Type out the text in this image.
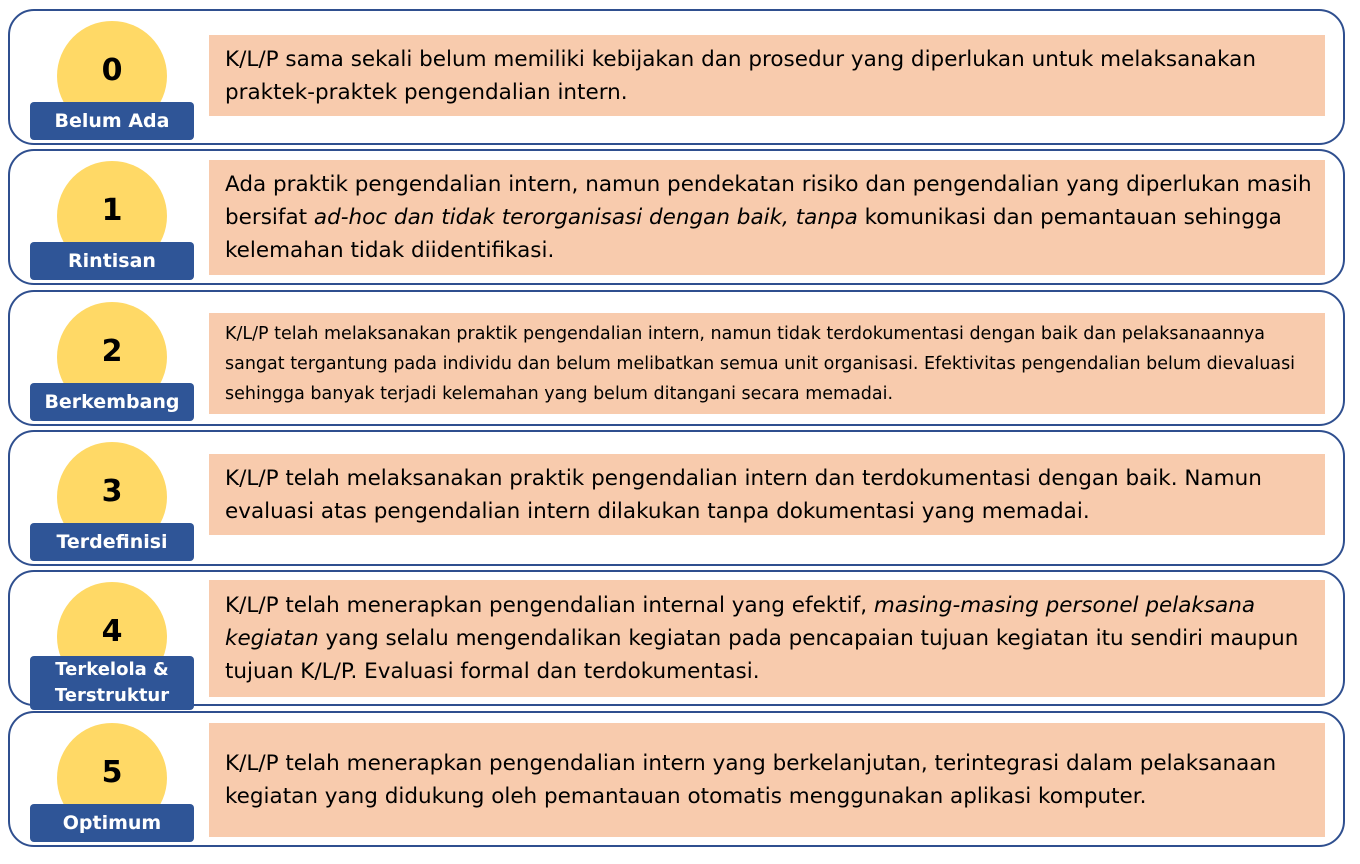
0
Belum Ada

K/L/P sama sekali belum memiliki kebijakan dan prosedur yang diperlukan untuk melaksanakan praktek-praktek pengendalian intern.

1
Rintisan

Ada praktik pengendalian intern, namun pendekatan risiko dan pengendalian yang diperlukan masih bersifat ad-hoc dan tidak terorganisasi dengan baik, tanpa komunikasi dan pemantauan sehingga kelemahan tidak diidentifikasi.

2
Berkembang

K/L/P telah melaksanakan praktik pengendalian intern, namun tidak terdokumentasi dengan baik dan pelaksanaannya sangat tergantung pada individu dan belum melibatkan semua unit organisasi. Efektivitas pengendalian belum dievaluasi sehingga banyak terjadi kelemahan yang belum ditangani secara memadai.

3
Terdefinisi

K/L/P telah melaksanakan praktik pengendalian intern dan terdokumentasi dengan baik. Namun evaluasi atas pengendalian intern dilakukan tanpa dokumentasi yang memadai.

4
Terkelola & Terstruktur

K/L/P telah menerapkan pengendalian internal yang efektif, masing-masing personel pelaksana kegiatan yang selalu mengendalikan kegiatan pada pencapaian tujuan kegiatan itu sendiri maupun tujuan K/L/P. Evaluasi formal dan terdokumentasi.

5
Optimum

K/L/P telah menerapkan pengendalian intern yang berkelanjutan, terintegrasi dalam pelaksanaan kegiatan yang didukung oleh pemantauan otomatis menggunakan aplikasi komputer.
